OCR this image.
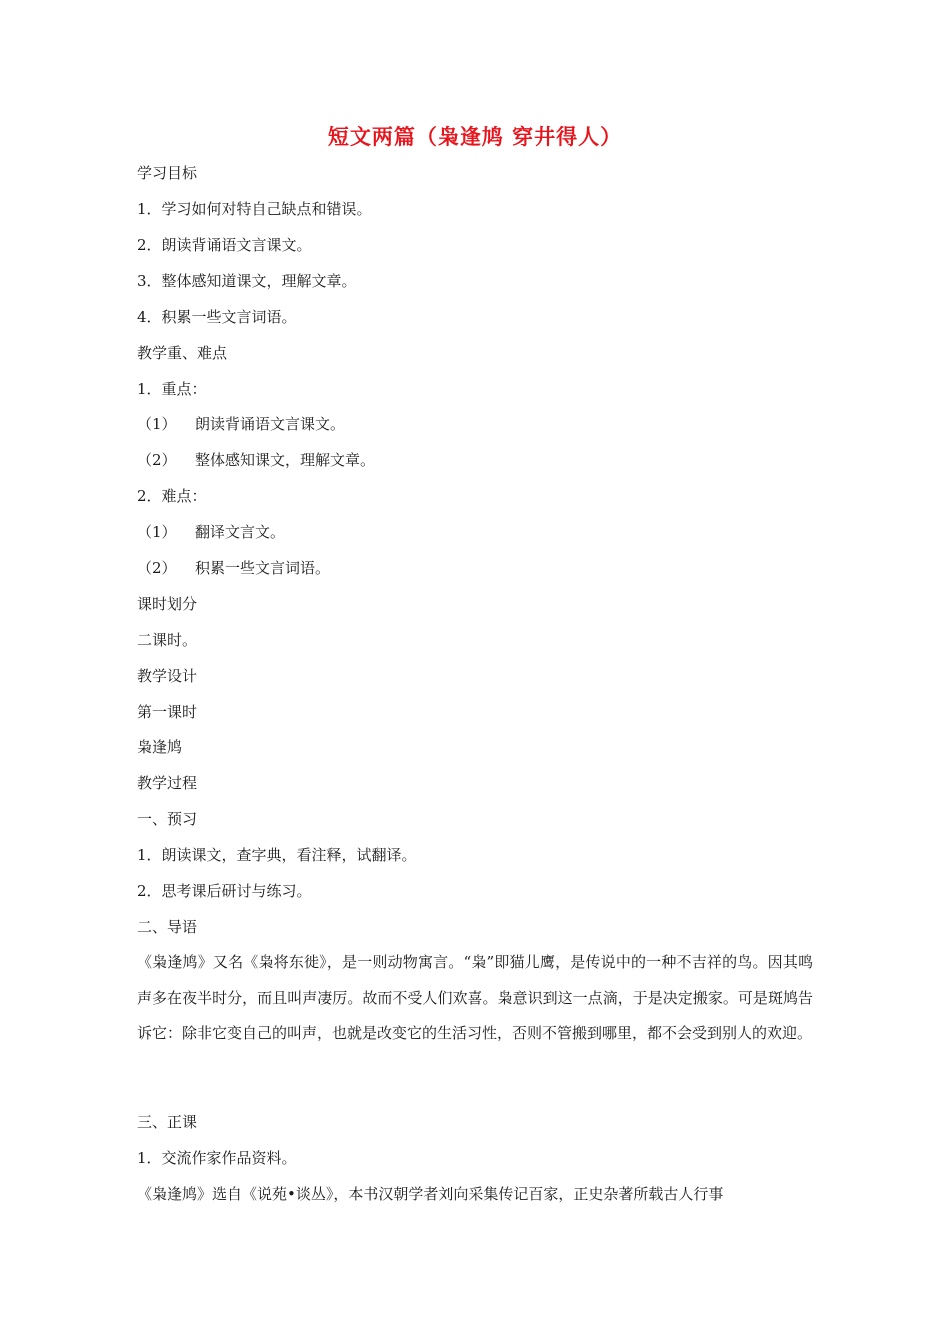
短文两篇（枭逢鸠 穿井得人）
学习目标
1．学习如何对特自己缺点和错误。
2．朗读背诵语文言课文。
3．整体感知道课文，理解文章。
4．积累一些文言词语。
教学重、难点
1．重点：
（1） 朗读背诵语文言课文。
（2） 整体感知课文，理解文章。
2．难点：
（1） 翻译文言文。
（2） 积累一些文言词语。
课时划分
二课时。
教学设计
第一课时
枭逢鸠
教学过程
一、预习
1．朗读课文，查字典，看注释，试翻译。
2．思考课后研讨与练习。
二、导语
《枭逢鸠》又名《枭将东徙》，是一则动物寓言。“枭”即猫儿鹰，是传说中的一种不吉祥的鸟。因其鸣声多在夜半时分，而且叫声凄厉。故而不受人们欢喜。枭意识到这一点滴，于是决定搬家。可是斑鸠告诉它：除非它变自己的叫声，也就是改变它的生活习性，否则不管搬到哪里，都不会受到别人的欢迎。
三、正课
1．交流作家作品资料。
《枭逢鸠》选自《说苑•谈丛》，本书汉朝学者刘向采集传记百家，正史杂著所载古人行事
